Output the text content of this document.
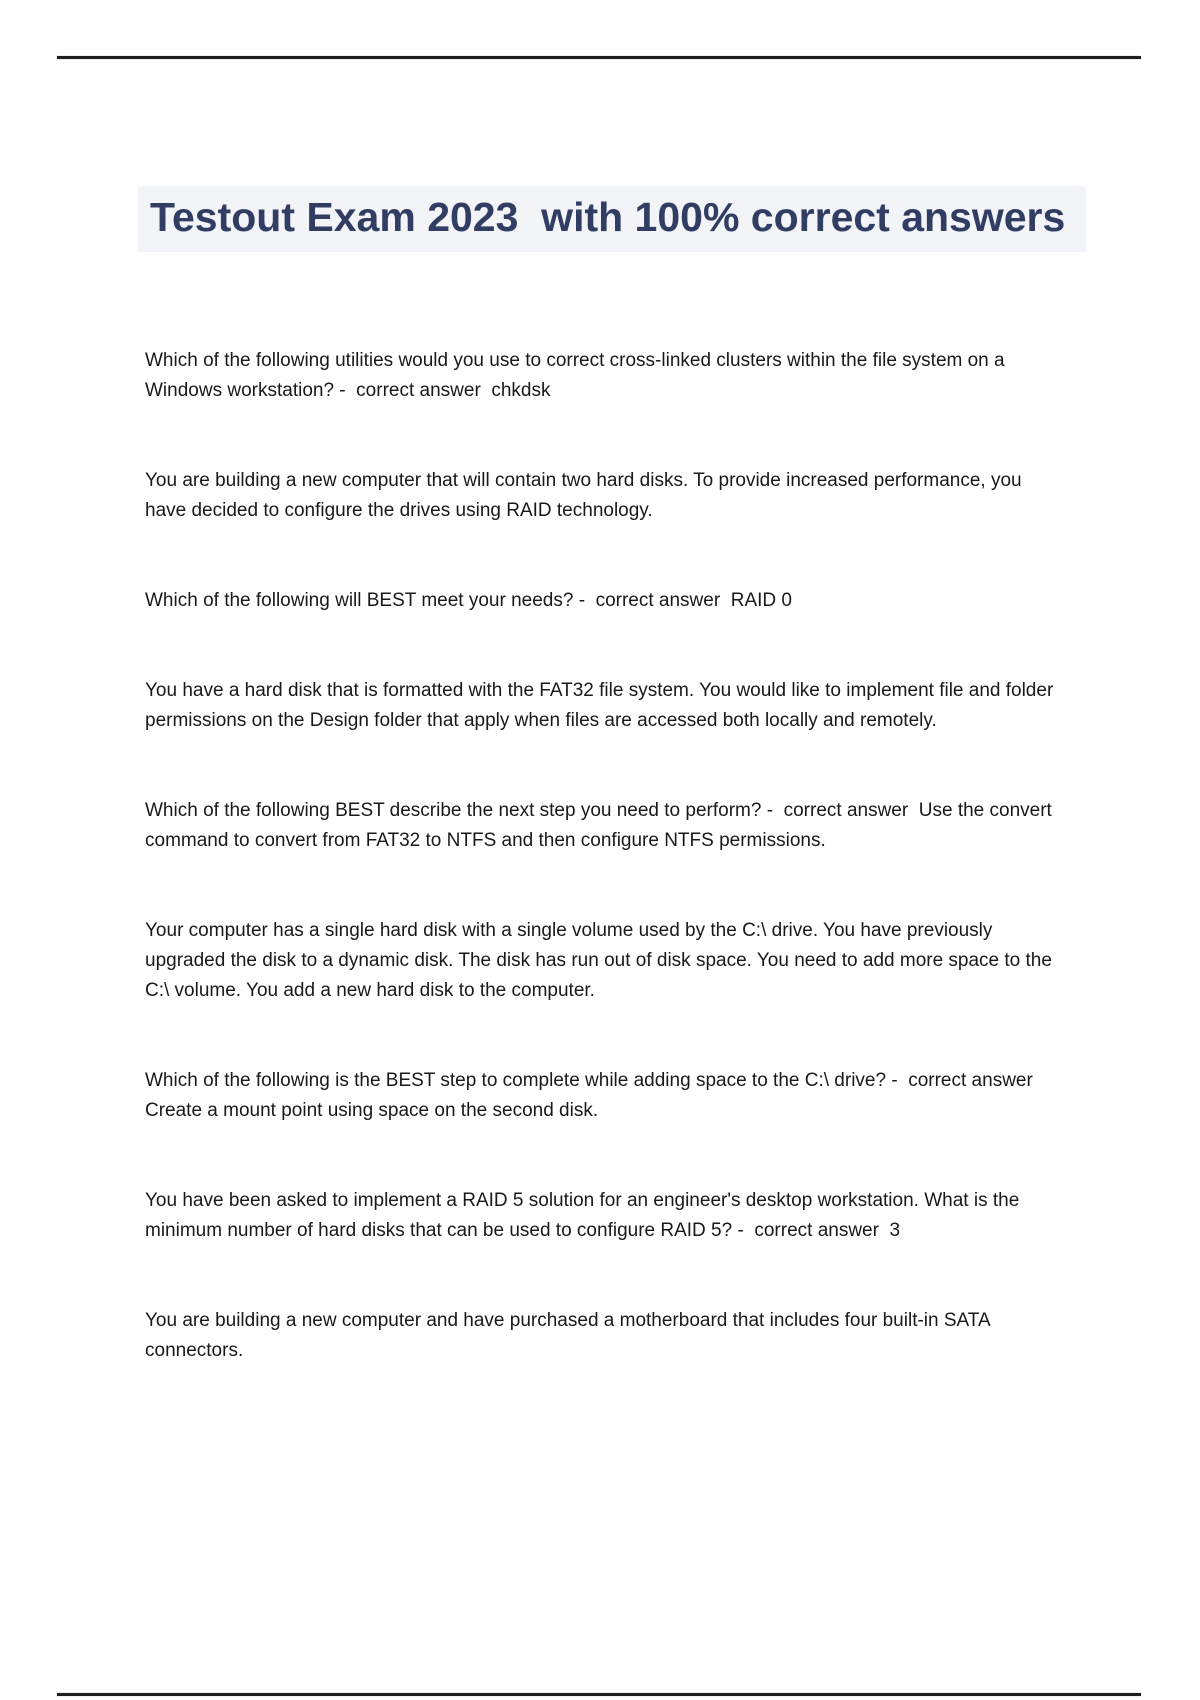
Testout Exam 2023  with 100% correct answers

Which of the following utilities would you use to correct cross-linked clusters within the file system on a Windows workstation? -  correct answer  chkdsk

You are building a new computer that will contain two hard disks. To provide increased performance, you have decided to configure the drives using RAID technology.

Which of the following will BEST meet your needs? -  correct answer  RAID 0

You have a hard disk that is formatted with the FAT32 file system. You would like to implement file and folder permissions on the Design folder that apply when files are accessed both locally and remotely.

Which of the following BEST describe the next step you need to perform? -  correct answer  Use the convert command to convert from FAT32 to NTFS and then configure NTFS permissions.

Your computer has a single hard disk with a single volume used by the C:\ drive. You have previously upgraded the disk to a dynamic disk. The disk has run out of disk space. You need to add more space to the C:\ volume. You add a new hard disk to the computer.

Which of the following is the BEST step to complete while adding space to the C:\ drive? -  correct answer  Create a mount point using space on the second disk.

You have been asked to implement a RAID 5 solution for an engineer's desktop workstation. What is the minimum number of hard disks that can be used to configure RAID 5? -  correct answer  3

You are building a new computer and have purchased a motherboard that includes four built-in SATA connectors.
